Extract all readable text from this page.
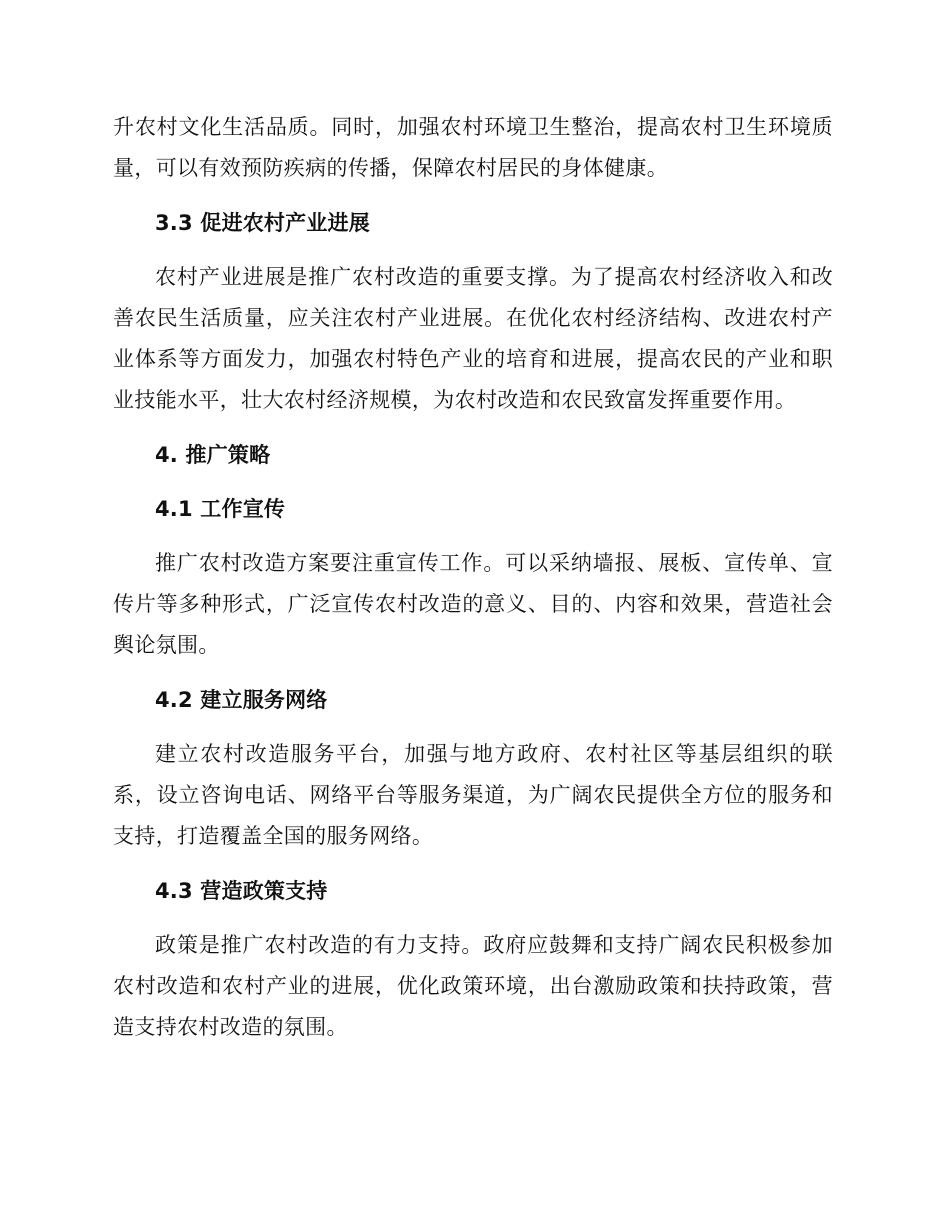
升农村文化生活品质。同时，加强农村环境卫生整治，提高农村卫生环境质量，可以有效预防疾病的传播，保障农村居民的身体健康。

3.3 促进农村产业进展

农村产业进展是推广农村改造的重要支撑。为了提高农村经济收入和改善农民生活质量，应关注农村产业进展。在优化农村经济结构、改进农村产业体系等方面发力，加强农村特色产业的培育和进展，提高农民的产业和职业技能水平，壮大农村经济规模，为农村改造和农民致富发挥重要作用。

4. 推广策略
4.1 工作宣传

推广农村改造方案要注重宣传工作。可以采纳墙报、展板、宣传单、宣传片等多种形式，广泛宣传农村改造的意义、目的、内容和效果，营造社会舆论氛围。

4.2 建立服务网络

建立农村改造服务平台，加强与地方政府、农村社区等基层组织的联系，设立咨询电话、网络平台等服务渠道，为广阔农民提供全方位的服务和支持，打造覆盖全国的服务网络。

4.3 营造政策支持

政策是推广农村改造的有力支持。政府应鼓舞和支持广阔农民积极参加农村改造和农村产业的进展，优化政策环境，出台激励政策和扶持政策，营造支持农村改造的氛围。
